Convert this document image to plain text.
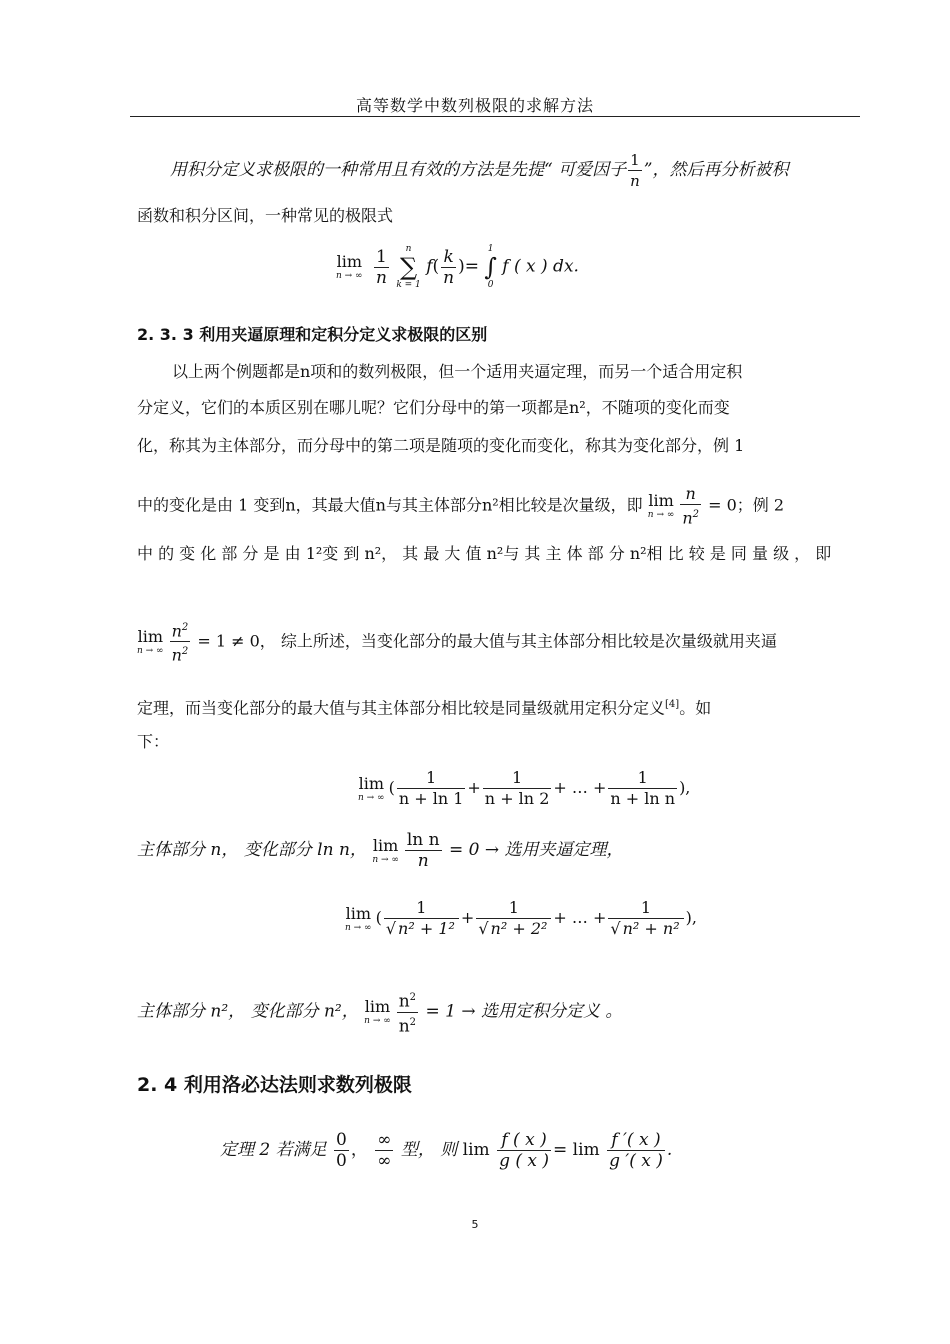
高等数学中数列极限的求解方法
用积分定义求极限的一种常用且有效的方法是先提“ 可爱因子 $\frac{1}{n}$ ”，然后再分析被积
函数和积分区间，一种常见的极限式
lim
n → ∞
$\frac{1}{n}$
	n
∑
k = 1
$f( \frac{k}{n}$ )=
1
∫
0
f ( x ) dx.
2. 3. 3 利用夹逼原理和定积分定义求极限的区别
以上两个例题都是n项和的数列极限，但一个适用夹逼定理，而另一个适合用定积
分定义，它们的本质区别在哪儿呢？它们分母中的第一项都是n²，不随项的变化而变
化，称其为主体部分，而分母中的第二项是随项的变化而变化，称其为变化部分，例 1
中的变化是由 1 变到n，其最大值n与其主体部分n²相比较是次量级，即 lim
n → ∞ $\frac{n}{n^2} = 0$；例 2
中 的 变 化 部 分 是 由 1²变 到 n²， 其 最 大 值 n²与 其 主 体 部 分 n²相 比 较 是 同 量 级 ， 即
lim
n → ∞ $\frac{n^2}{n^2} = 1 \ne 0$， 综上所述，当变化部分的最大值与其主体部分相比较是次量级就用夹逼
定理，而当变化部分的最大值与其主体部分相比较是同量级就用定积分定义[4]。如
下：
lim
n → ∞
( $\frac{1}{n + \ln 1} + \frac{1}{n + \ln 2}$ + … + $\frac{1}{\text{n + ln n}}$ ),
主体部分 n， 变化部分 ln n， lim
n → ∞ $\frac{\text{ln n}}{n} = 0$ → 选用夹逼定理，
lim
n → ∞
( $\frac{1}{\text{√ n² + 1²}} + \frac{1}{\text{√ n² + 2²}}$ + … + $\frac{1}{\text{√ n² + n²}}$ ),
主体部分 n²， 变化部分 n²， lim
n → ∞ $\frac{n^2}{n^2} = 1$ → 选用定积分定义 。
2. 4 利用洛必达法则求数列极限
定理 2 若满足 $\frac{0}{0}$ ， $\frac{\infty}{\infty}$ 型， 则 $\lim \frac{f ( x )}{g ( x )} = \lim \frac{f '( x )}{g '( x )}$ .
5
